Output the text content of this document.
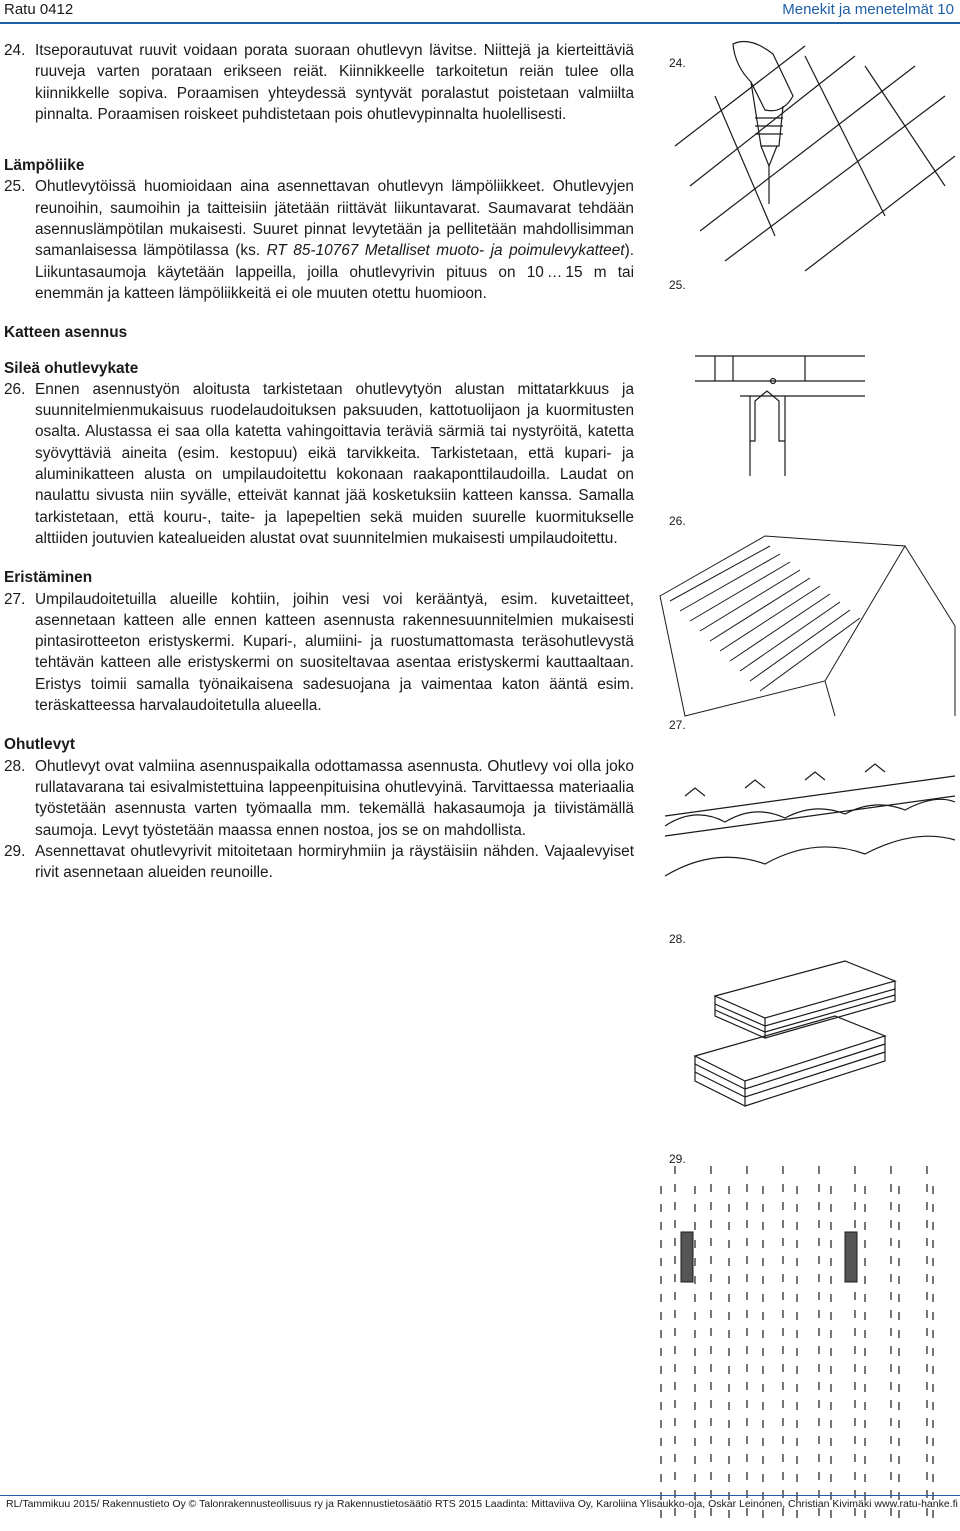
Ratu 0412	Menekit ja menetelmät 10
24. Itseporautuvat ruuvit voidaan porata suoraan ohutlevyn lävitse. Niittejä ja kierteittäviä ruuveja varten porataan erikseen reiät. Kiinnikkeelle tarkoitetun reiän tulee olla kiinnikkelle sopiva. Poraamisen yhteydessä syntyvät poralastut poistetaan valmiilta pinnalta. Poraamisen roiskeet puhdistetaan pois ohutlevypinnalta huolellisesti.
Lämpöliike
25. Ohutlevytöissä huomioidaan aina asennettavan ohutlevyn lämpöliikkeet. Ohutlevyjen reunoihin, saumoihin ja taitteisiin jätetään riittävät liikuntavarat. Saumavarat tehdään asennuslämpötilan mukaisesti. Suuret pinnat levytetään ja pellitetään mahdollisimman samanlaisessa lämpötilassa (ks. RT 85-10767 Metalliset muoto- ja poimulevykatteet). Liikuntasaumoja käytetään lappeilla, joilla ohutlevyrivin pituus on 10 … 15 m tai enemmän ja katteen lämpöliikkeitä ei ole muuten otettu huomioon.
Katteen asennus
Sileä ohutlevykate
26. Ennen asennustyön aloitusta tarkistetaan ohutlevytyön alustan mittatarkkuus ja suunnitelmienmukaisuus ruodelaudoituksen paksuuden, kattotuolijaon ja kuormitusten osalta. Alustassa ei saa olla katetta vahingoittavia teräviä särmiä tai nystyröitä, katetta syövyttäviä aineita (esim. kestopuu) eikä tarvikkeita. Tarkistetaan, että kupari- ja aluminikatteen alusta on umpilaudoitettu kokonaan raakaponttilaudoilla. Laudat on naulattu sivusta niin syvälle, etteivät kannat jää kosketuksiin katteen kanssa. Samalla tarkistetaan, että kouru-, taite- ja lapepeltien sekä muiden suurelle kuormitukselle alttiiden joutuvien katealueiden alustat ovat suunnitelmien mukaisesti umpilaudoitettu.
Eristäminen
27. Umpilaudoitetuilla alueille kohtiin, joihin vesi voi kerääntyä, esim. kuvetaitteet, asennetaan katteen alle ennen katteen asennusta rakennesuunnitelmien mukaisesti pintasirotteeton eristyskermi. Kupari-, alumiini- ja ruostumattomasta teräsohutlevystä tehtävän katteen alle eristyskermi on suositeltavaa asentaa eristyskermi kauttaaltaan. Eristys toimii samalla työnaikaisena sadesuojana ja vaimentaa katon ääntä esim. teräskatteessa harvalaudoitetulla alueella.
Ohutlevyt
28. Ohutlevyt ovat valmiina asennuspaikalla odottamassa asennusta. Ohutlevy voi olla joko rullatavarana tai esivalmistettuina lappeenpituisina ohutlevyinä. Tarvittaessa materiaalia työstetään asennusta varten työmaalla mm. tekemällä hakasaumoja ja tiivistämällä saumoja. Levyt työstetään maassa ennen nostoa, jos se on mahdollista.
29. Asennettavat ohutlevyrivit mitoitetaan hormiryhmiin ja räystäisiin nähden. Vajaalevyiset rivit asennetaan alueiden reunoille.
24.
25.
26.
27.
28.
29.
RL/Tammikuu 2015/ Rakennustieto Oy © Talonrakennusteollisuus ry ja Rakennustietosäätiö RTS 2015 Laadinta: Mittaviiva Oy, Karoliina Ylisaukko-oja, Oskar Leinonen, Christian Kivimäki www.ratu-hanke.fi
